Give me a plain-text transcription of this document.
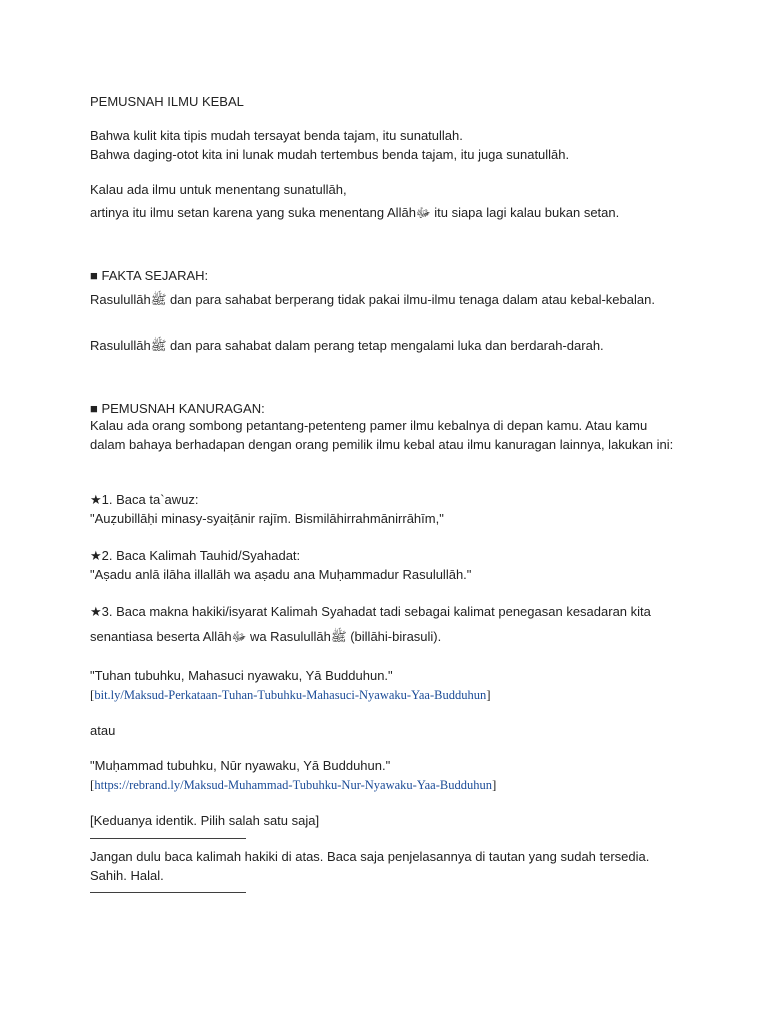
PEMUSNAH ILMU KEBAL
Bahwa kulit kita tipis mudah tersayat benda tajam, itu sunatullah.
Bahwa daging-otot kita ini lunak mudah tertembus benda tajam, itu juga sunatullāh.
Kalau ada ilmu untuk menentang sunatullāh,
artinya itu ilmu setan karena yang suka menentang Allāhﷻ itu siapa lagi kalau bukan setan.
■ FAKTA SEJARAH:
Rasulullāhﷺ dan para sahabat berperang tidak pakai ilmu-ilmu tenaga dalam atau kebal-kebalan.
Rasulullāhﷺ dan para sahabat dalam perang tetap mengalami luka dan berdarah-darah.
■ PEMUSNAH KANURAGAN:
Kalau ada orang sombong petantang-petenteng pamer ilmu kebalnya di depan kamu. Atau kamu dalam bahaya berhadapan dengan orang pemilik ilmu kebal atau ilmu kanuragan lainnya, lakukan ini:
★1. Baca ta`awuz:
"Auẓubillāḥi minasy-syaiṭānir rajīm. Bismilāhirrahmānirrāhīm,"
★2. Baca Kalimah Tauhid/Syahadat:
"Aṣadu anlā ilāha illallāh wa aṣadu ana Muḥammadur Rasulullāh."
★3. Baca makna hakiki/isyarat Kalimah Syahadat tadi sebagai kalimat penegasan kesadaran kita
senantiasa beserta Allāhﷻ wa Rasulullāhﷺ (billāhi-birasuli).
"Tuhan tubuhku, Mahasuci nyawaku, Yā Budduhun."
[bit.ly/Maksud-Perkataan-Tuhan-Tubuhku-Mahasuci-Nyawaku-Yaa-Budduhun]
atau
"Muḥammad tubuhku, Nūr nyawaku, Yā Budduhun."
[https://rebrand.ly/Maksud-Muhammad-Tubuhku-Nur-Nyawaku-Yaa-Budduhun]
[Keduanya identik. Pilih salah satu saja]
————————————
Jangan dulu baca kalimah hakiki di atas. Baca saja penjelasannya di tautan yang sudah tersedia.
Sahih. Halal.
————————————
